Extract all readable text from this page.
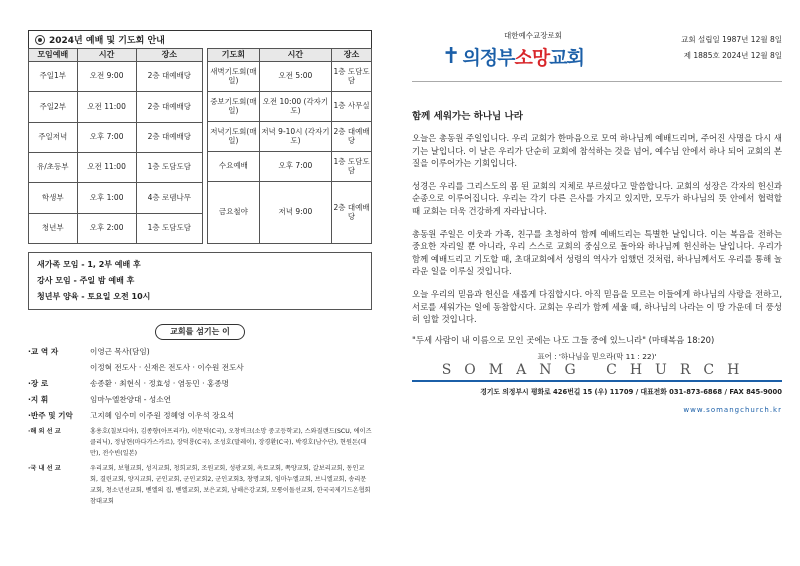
2024년 예배 및 기도회 안내
모임예배	시간	장소
주일1부	오전 9:00	2층 대예배당
주일2부	오전 11:00	2층 대예배당
주일저녁	오후 7:00	2층 대예배당
유/초등부	오전 11:00	1층 도담도담
학생부	오후 1:00	4층 로뎀나무
청년부	오후 2:00	1층 도담도담
기도회	시간	장소
새벽기도회(매일)	오전 5:00	1층 도담도담
중보기도회(매일)	오전 10:00 (각자기도)	1층 사무실
저녁기도회(매일)	저녁 9-10시 (각자기도)	2층 대예배당
수요예배	오후 7:00	1층 도담도담
금요철야	저녁 9:00	2층 대예배당
새가족 모임 - 1, 2부 예배 후
강사 모임 - 주일 밤 예배 후
청년부 양육 - 토요일 오전 10시
교회를 섬기는 이
·교 역 자	이영근 목사(담임)
이정혁 전도사 · 신재은 전도사 · 이수원 전도사
·장 로	송종환 · 최현식 · 정효성 · 염동민 · 홍종명
·지 휘	임마누엘찬양대 - 성소연
·반주 및 기악	고지혜 임수미 이주원 정혜영 이우석 장요석
·해 외 선 교	홍용호(칠보디아), 김종향(아프리카), 이문덕(C국), 오창비크(소망 중고등학교), 스와질랜드(SCU, 에이즈클리닉), 정남현(마다가스카르), 장덕룡(C국), 조성호(말레이), 장경환(C국), 박경호(남수단), 현원돈(대만), 전수빈(일본)
·국 내 선 교	우리교회, 보혈교회, 성지교회, 청희교회, 조원교회, 성광교회, 옥토교회, 쪽양교회, 갈보리교회, 동인교회, 결린교회, 양지교회, 군인교회, 군인교회2, 군인교회3, 창명교회, 임마누엘교회, 브니엘교회, 송리문교회, 청소년선교회, 벧엘의 집, 벧엘교회, 보은교회, 남해은강교회, 모퉁이돌선교회, 한국국제기드온협회 참대교회
대한예수교장로회
✝ 의정부소망교회
교회 설립일 1987년 12월 8일
제 1885호 2024년 12월 8일
함께 세워가는 하나님 나라
오늘은 총동원 주일입니다. 우리 교회가 한마음으로 모여 하나님께 예배드리며, 주어진 사명을 다시 새기는 날입니다. 이 날은 우리가 단순히 교회에 참석하는 것을 넘어, 예수님 안에서 하나 되어 교회의 본질을 이루어가는 기회입니다.
성경은 우리를 그리스도의 몸 된 교회의 지체로 부르셨다고 말씀합니다. 교회의 성장은 각자의 헌신과 순종으로 이루어집니다. 우리는 각기 다른 은사를 가지고 있지만, 모두가 하나님의 뜻 안에서 협력할 때 교회는 더욱 건강하게 자라납니다.
총동원 주일은 이웃과 가족, 친구를 초청하여 함께 예배드리는 특별한 날입니다. 이는 복음을 전하는 중요한 자리일 뿐 아니라, 우리 스스로 교회의 중심으로 돌아와 하나님께 헌신하는 날입니다. 우리가 함께 예배드리고 기도할 때, 초대교회에서 성령의 역사가 임했던 것처럼, 하나님께서도 우리를 통해 놀라운 일을 이루실 것입니다.
오늘 우리의 믿음과 헌신을 새롭게 다짐합시다. 아직 믿음을 모르는 이들에게 하나님의 사랑을 전하고, 서로를 세워가는 일에 동참합시다. 교회는 우리가 함께 세울 때, 하나님의 나라는 이 땅 가운데 더 풍성히 임할 것입니다.
"두세 사람이 내 이름으로 모인 곳에는 나도 그들 중에 있느니라" (마태복음 18:20)
표어 : '하나님을 믿으라(막 11 : 22)'
SOMANG CHURCH
경기도 의정부시 평화로 426번길 15 (우) 11709 / 대표전화 031-873-6868 / FAX 845-9000
www.somangchurch.kr
